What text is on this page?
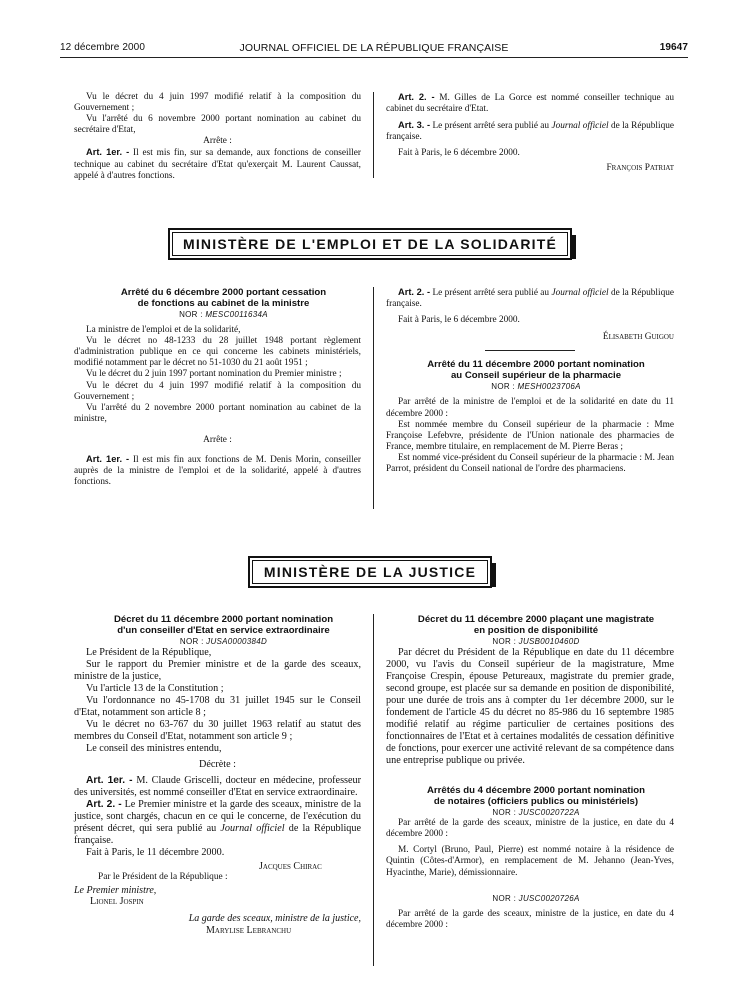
12 décembre 2000	JOURNAL OFFICIEL DE LA RÉPUBLIQUE FRANÇAISE	19647

Vu le décret du 4 juin 1997 modifié relatif à la composition du Gouvernement ;

Vu l'arrêté du 6 novembre 2000 portant nomination au cabinet du secrétaire d'Etat,

Arrête :

Art. 1er. - Il est mis fin, sur sa demande, aux fonctions de conseiller technique au cabinet du secrétaire d'Etat qu'exerçait M. Laurent Caussat, appelé à d'autres fonctions.

Art. 2. - M. Gilles de La Gorce est nommé conseiller technique au cabinet du secrétaire d'Etat.

Art. 3. - Le présent arrêté sera publié au Journal officiel de la République française.

Fait à Paris, le 6 décembre 2000.

François Patriat

MINISTÈRE DE L'EMPLOI ET DE LA SOLIDARITÉ

Arrêté du 6 décembre 2000 portant cessation

de fonctions au cabinet de la ministre

NOR : MESC0011634A

La ministre de l'emploi et de la solidarité,

Vu le décret no 48-1233 du 28 juillet 1948 portant règlement d'administration publique en ce qui concerne les cabinets ministériels, modifié notamment par le décret no 51-1030 du 21 août 1951 ;

Vu le décret du 2 juin 1997 portant nomination du Premier ministre ;

Vu le décret du 4 juin 1997 modifié relatif à la composition du Gouvernement ;

Vu l'arrêté du 2 novembre 2000 portant nomination au cabinet de la ministre,

Arrête :

Art. 1er. - Il est mis fin aux fonctions de M. Denis Morin, conseiller auprès de la ministre de l'emploi et de la solidarité, appelé à d'autres fonctions.

Art. 2. - Le présent arrêté sera publié au Journal officiel de la République française.

Fait à Paris, le 6 décembre 2000.

Élisabeth Guigou

Arrêté du 11 décembre 2000 portant nomination

au Conseil supérieur de la pharmacie

NOR : MESH0023706A

Par arrêté de la ministre de l'emploi et de la solidarité en date du 11 décembre 2000 :

Est nommée membre du Conseil supérieur de la pharmacie : Mme Françoise Lefebvre, présidente de l'Union nationale des pharmacies de France, membre titulaire, en remplacement de M. Pierre Beras ;

Est nommé vice-président du Conseil supérieur de la pharmacie : M. Jean Parrot, président du Conseil national de l'ordre des pharmaciens.

MINISTÈRE DE LA JUSTICE

Décret du 11 décembre 2000 portant nomination

d'un conseiller d'Etat en service extraordinaire

NOR : JUSA0000384D

Le Président de la République,

Sur le rapport du Premier ministre et de la garde des sceaux, ministre de la justice,

Vu l'article 13 de la Constitution ;

Vu l'ordonnance no 45-1708 du 31 juillet 1945 sur le Conseil d'Etat, notamment son article 8 ;

Vu le décret no 63-767 du 30 juillet 1963 relatif au statut des membres du Conseil d'Etat, notamment son article 9 ;

Le conseil des ministres entendu,

Décrète :

Art. 1er. - M. Claude Griscelli, docteur en médecine, professeur des universités, est nommé conseiller d'Etat en service extraordinaire.

Art. 2. - Le Premier ministre et la garde des sceaux, ministre de la justice, sont chargés, chacun en ce qui le concerne, de l'exécution du présent décret, qui sera publié au Journal officiel de la République française.

Fait à Paris, le 11 décembre 2000.

Jacques Chirac

Par le Président de la République :

Le Premier ministre,

Lionel Jospin

La garde des sceaux, ministre de la justice,

Marylise Lebranchu

Décret du 11 décembre 2000 plaçant une magistrate

en position de disponibilité

NOR : JUSB0010460D

Par décret du Président de la République en date du 11 décembre 2000, vu l'avis du Conseil supérieur de la magistrature, Mme Françoise Crespin, épouse Petureaux, magistrate du premier grade, second groupe, est placée sur sa demande en position de disponibilité, pour une durée de trois ans à compter du 1er décembre 2000, sur le fondement de l'article 45 du décret no 85-986 du 16 septembre 1985 modifié relatif au régime particulier de certaines positions des fonctionnaires de l'Etat et à certaines modalités de cessation définitive de fonctions, pour exercer une activité relevant de sa compétence dans une entreprise publique ou privée.

Arrêtés du 4 décembre 2000 portant nomination

de notaires (officiers publics ou ministériels)

NOR : JUSC0020722A

Par arrêté de la garde des sceaux, ministre de la justice, en date du 4 décembre 2000 :

M. Cortyl (Bruno, Paul, Pierre) est nommé notaire à la résidence de Quintin (Côtes-d'Armor), en remplacement de M. Jehanno (Jean-Yves, Hyacinthe, Marie), démissionnaire.

NOR : JUSC0020726A

Par arrêté de la garde des sceaux, ministre de la justice, en date du 4 décembre 2000 :
